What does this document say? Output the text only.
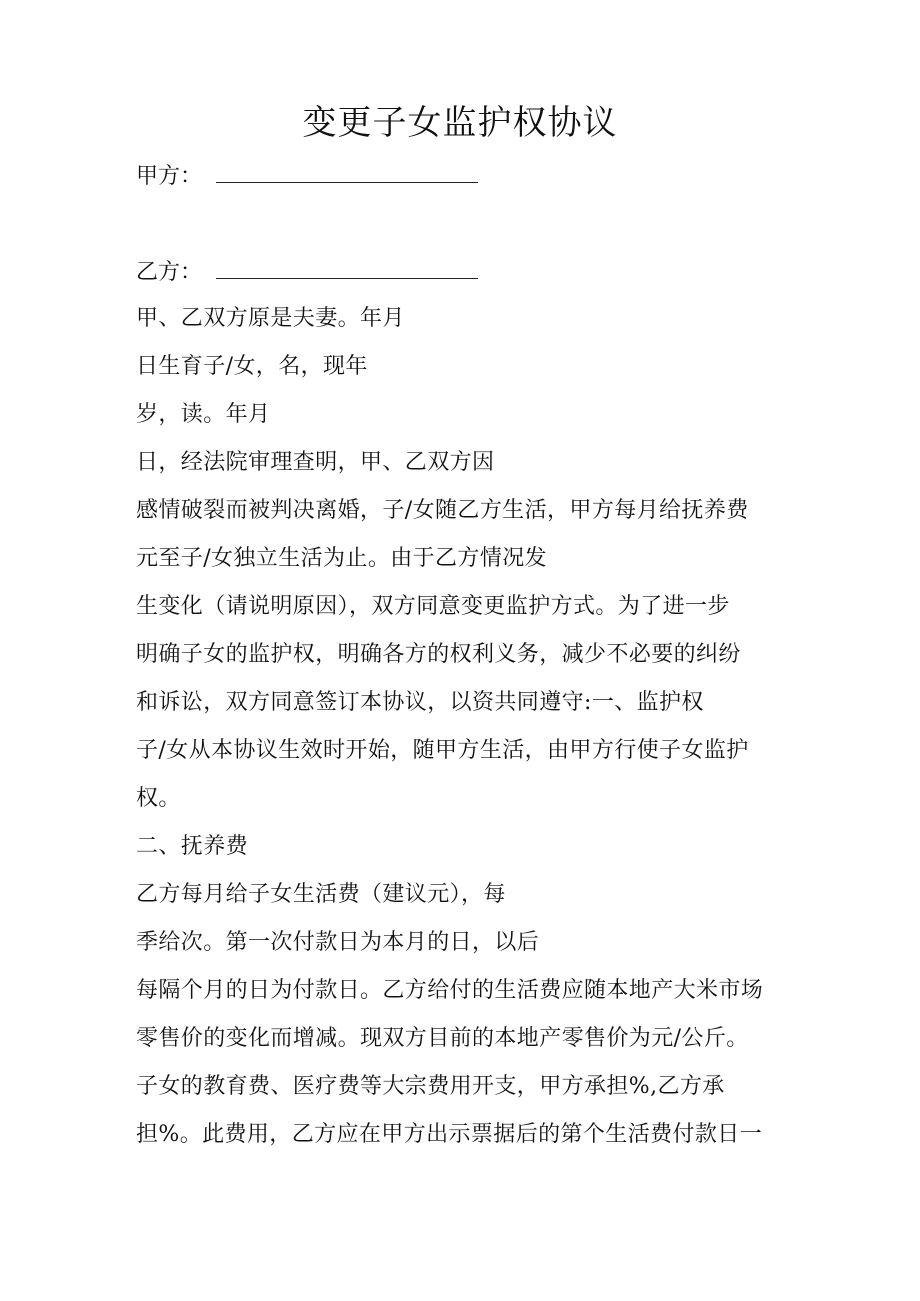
变更子女监护权协议
甲方：
乙方：
甲、乙双方原是夫妻。年月
日生育子/女，名，现年
岁，读。年月
日，经法院审理查明，甲、乙双方因
感情破裂而被判决离婚，子/女随乙方生活，甲方每月给抚养费
元至子/女独立生活为止。由于乙方情况发
生变化（请说明原因），双方同意变更监护方式。为了进一步
明确子女的监护权，明确各方的权利义务，减少不必要的纠纷
和诉讼，双方同意签订本协议，以资共同遵守:一、监护权
子/女从本协议生效时开始，随甲方生活，由甲方行使子女监护
权。
二、抚养费
乙方每月给子女生活费（建议元），每
季给次。第一次付款日为本月的日，以后
每隔个月的日为付款日。乙方给付的生活费应随本地产大米市场
零售价的变化而增减。现双方目前的本地产零售价为元/公斤。
子女的教育费、医疗费等大宗费用开支，甲方承担%,乙方承
担%。此费用，乙方应在甲方出示票据后的第个生活费付款日一
